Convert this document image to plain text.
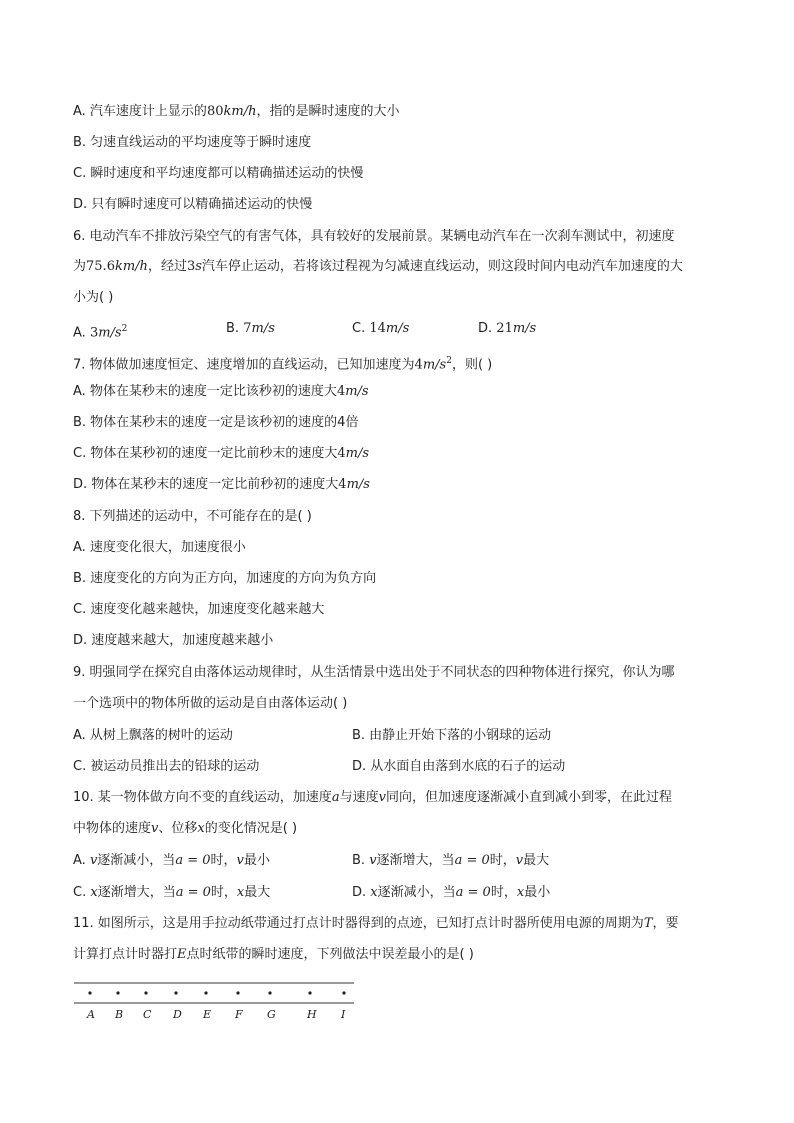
A. 汽车速度计上显示的80km/h，指的是瞬时速度的大小
B. 匀速直线运动的平均速度等于瞬时速度
C. 瞬时速度和平均速度都可以精确描述运动的快慢
D. 只有瞬时速度可以精确描述运动的快慢
6. 电动汽车不排放污染空气的有害气体，具有较好的发展前景。某辆电动汽车在一次刹车测试中，初速度
为75.6km/h，经过3s汽车停止运动，若将该过程视为匀减速直线运动，则这段时间内电动汽车加速度的大
小为( )
A. $3m/s^2$	B. 7m/s	C. 14m/s	D. 21m/s
7. 物体做加速度恒定、速度增加的直线运动，已知加速度为$4m/s^2$，则( )
A. 物体在某秒末的速度一定比该秒初的速度大4m/s
B. 物体在某秒末的速度一定是该秒初的速度的4倍
C. 物体在某秒初的速度一定比前秒末的速度大4m/s
D. 物体在某秒末的速度一定比前秒初的速度大4m/s
8. 下列描述的运动中，不可能存在的是( )
A. 速度变化很大，加速度很小
B. 速度变化的方向为正方向，加速度的方向为负方向
C. 速度变化越来越快，加速度变化越来越大
D. 速度越来越大，加速度越来越小
9. 明强同学在探究自由落体运动规律时，从生活情景中选出处于不同状态的四种物体进行探究，你认为哪
一个选项中的物体所做的运动是自由落体运动( )
A. 从树上飘落的树叶的运动	B. 由静止开始下落的小钢球的运动
C. 被运动员推出去的铅球的运动	D. 从水面自由落到水底的石子的运动
10. 某一物体做方向不变的直线运动，加速度a与速度v同向，但加速度逐渐减小直到减小到零，在此过程
中物体的速度v、位移x的变化情况是( )
A. v逐渐减小，当a = 0时，v最小	B. v逐渐增大，当a = 0时，v最大
C. x逐渐增大，当a = 0时，x最大	D. x逐渐减小，当a = 0时，x最小
11. 如图所示，这是用手拉动纸带通过打点计时器得到的点迹，已知打点计时器所使用电源的周期为T，要
计算打点计时器打E点时纸带的瞬时速度，下列做法中误差最小的是( )
A B C D E F G	H I
